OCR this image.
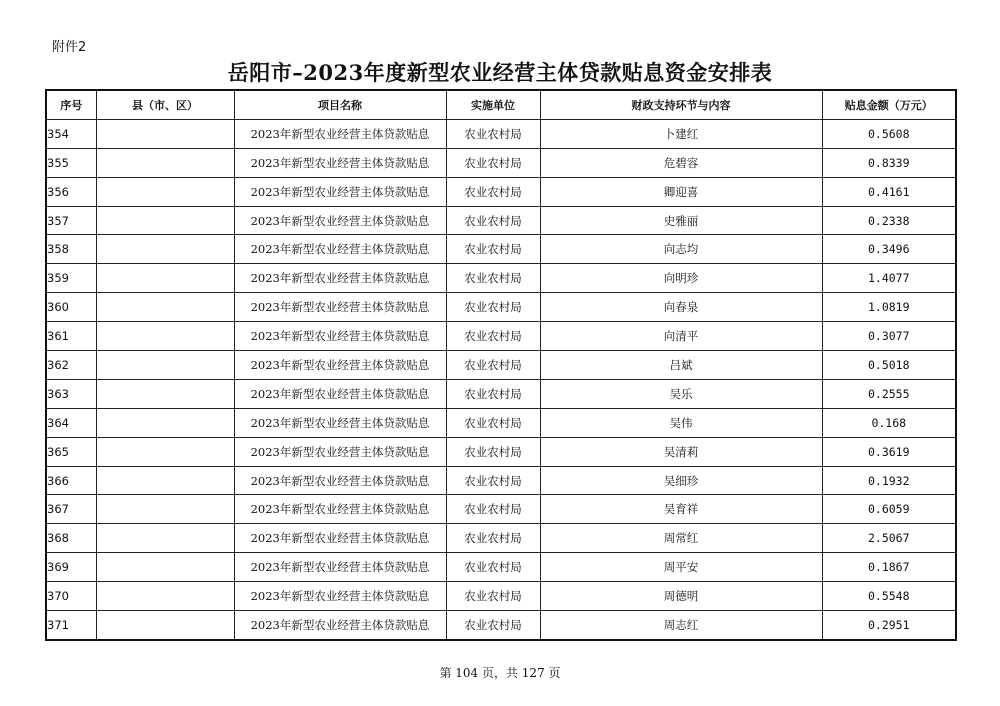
附件2
岳阳市–2023年度新型农业经营主体贷款贴息资金安排表
序号	县（市、区）	项目名称	实施单位	财政支持环节与内容	贴息金额（万元）
354		2023年新型农业经营主体贷款贴息	农业农村局	卜建红	0.5608
355		2023年新型农业经营主体贷款贴息	农业农村局	危碧容	0.8339
356		2023年新型农业经营主体贷款贴息	农业农村局	卿迎喜	0.4161
357		2023年新型农业经营主体贷款贴息	农业农村局	史雅丽	0.2338
358		2023年新型农业经营主体贷款贴息	农业农村局	向志均	0.3496
359		2023年新型农业经营主体贷款贴息	农业农村局	向明珍	1.4077
360		2023年新型农业经营主体贷款贴息	农业农村局	向春泉	1.0819
361		2023年新型农业经营主体贷款贴息	农业农村局	向清平	0.3077
362		2023年新型农业经营主体贷款贴息	农业农村局	吕斌	0.5018
363		2023年新型农业经营主体贷款贴息	农业农村局	吴乐	0.2555
364		2023年新型农业经营主体贷款贴息	农业农村局	吴伟	0.168
365		2023年新型农业经营主体贷款贴息	农业农村局	吴清莉	0.3619
366		2023年新型农业经营主体贷款贴息	农业农村局	吴细珍	0.1932
367		2023年新型农业经营主体贷款贴息	农业农村局	吴育祥	0.6059
368		2023年新型农业经营主体贷款贴息	农业农村局	周常红	2.5067
369		2023年新型农业经营主体贷款贴息	农业农村局	周平安	0.1867
370		2023年新型农业经营主体贷款贴息	农业农村局	周德明	0.5548
371		2023年新型农业经营主体贷款贴息	农业农村局	周志红	0.2951
第 104 页，共 127 页
